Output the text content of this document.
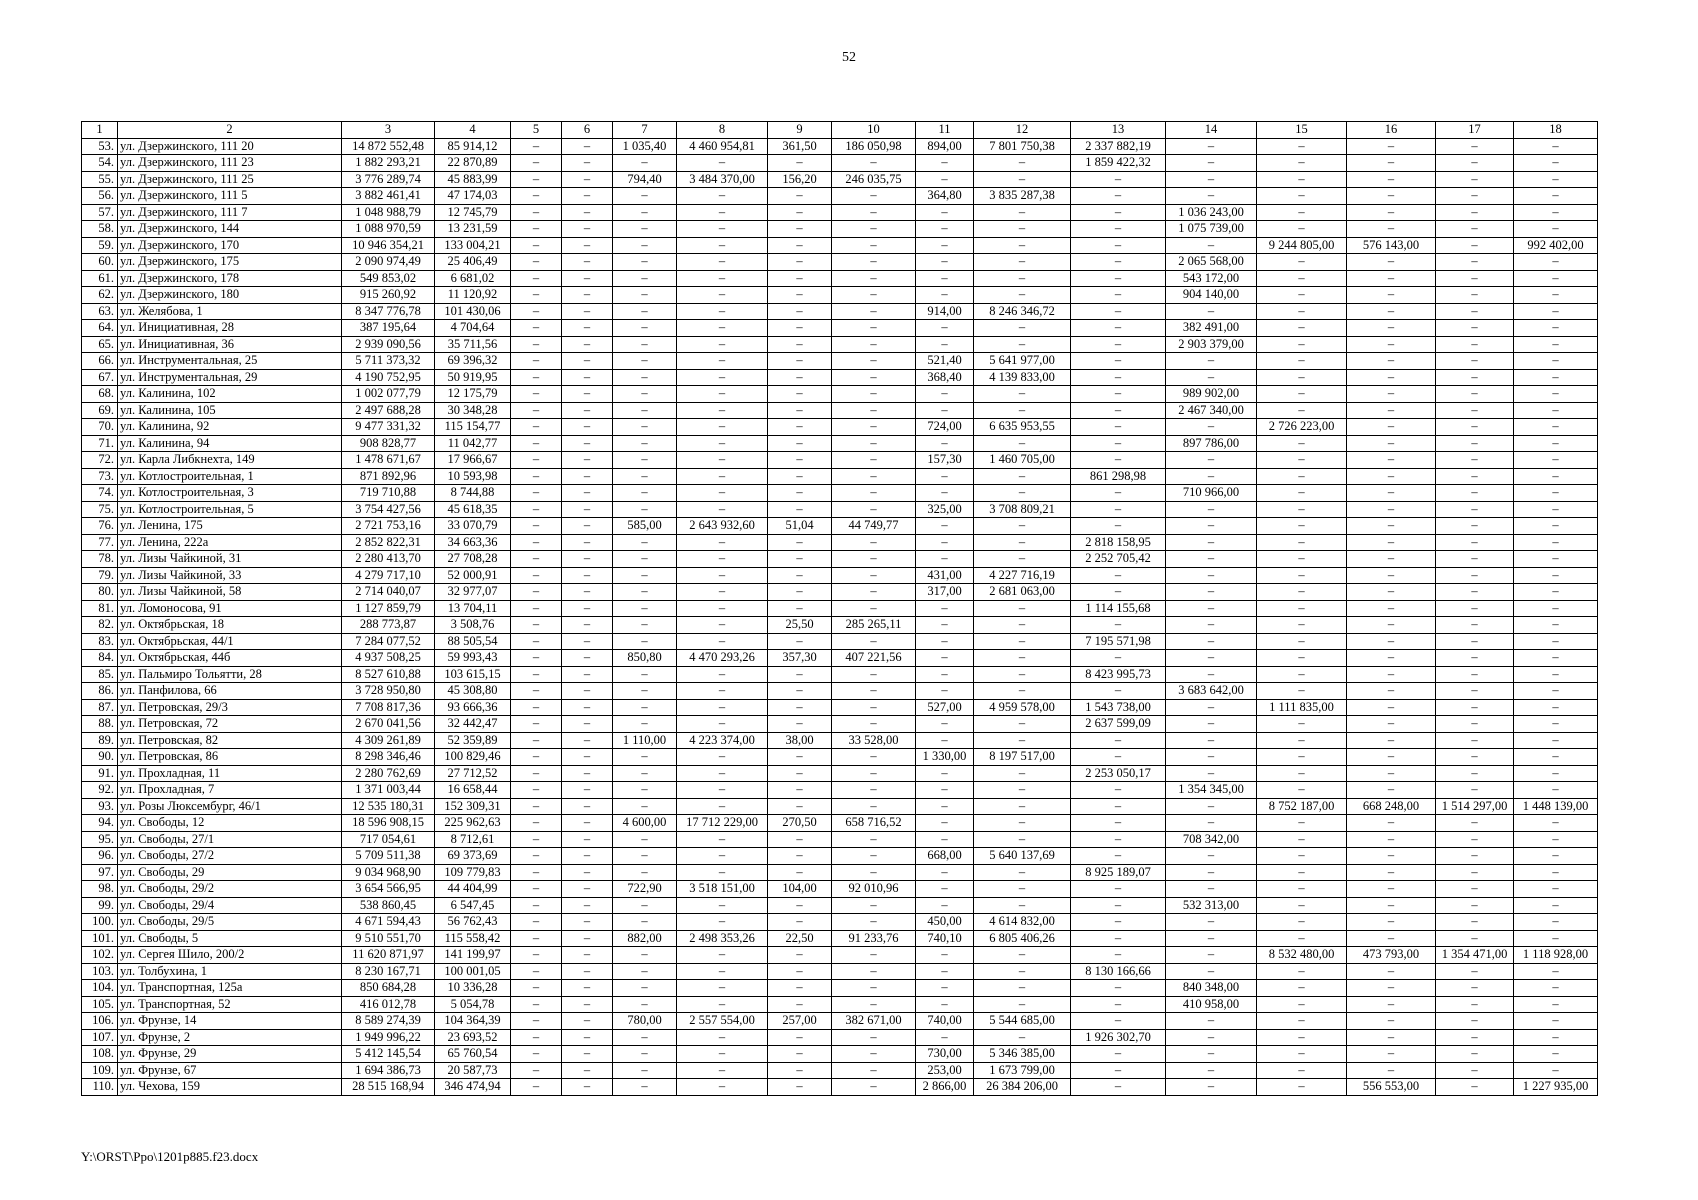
52
1	2	3	4	5	6	7	8	9	10	11	12	13	14	15	16	17	18
53.	ул. Дзержинского, 111 20	14 872 552,48	85 914,12	–	–	1 035,40	4 460 954,81	361,50	186 050,98	894,00	7 801 750,38	2 337 882,19	–	–	–	–	–
54.	ул. Дзержинского, 111 23	1 882 293,21	22 870,89	–	–	–	–	–	–	–	–	1 859 422,32	–	–	–	–	–
55.	ул. Дзержинского, 111 25	3 776 289,74	45 883,99	–	–	794,40	3 484 370,00	156,20	246 035,75	–	–	–	–	–	–	–	–
56.	ул. Дзержинского, 111 5	3 882 461,41	47 174,03	–	–	–	–	–	–	364,80	3 835 287,38	–	–	–	–	–	–
57.	ул. Дзержинского, 111 7	1 048 988,79	12 745,79	–	–	–	–	–	–	–	–	–	1 036 243,00	–	–	–	–
58.	ул. Дзержинского, 144	1 088 970,59	13 231,59	–	–	–	–	–	–	–	–	–	1 075 739,00	–	–	–	–
59.	ул. Дзержинского, 170	10 946 354,21	133 004,21	–	–	–	–	–	–	–	–	–	–	9 244 805,00	576 143,00	–	992 402,00
60.	ул. Дзержинского, 175	2 090 974,49	25 406,49	–	–	–	–	–	–	–	–	–	2 065 568,00	–	–	–	–
61.	ул. Дзержинского, 178	549 853,02	6 681,02	–	–	–	–	–	–	–	–	–	543 172,00	–	–	–	–
62.	ул. Дзержинского, 180	915 260,92	11 120,92	–	–	–	–	–	–	–	–	–	904 140,00	–	–	–	–
63.	ул. Желябова, 1	8 347 776,78	101 430,06	–	–	–	–	–	–	914,00	8 246 346,72	–	–	–	–	–	–
64.	ул. Инициативная, 28	387 195,64	4 704,64	–	–	–	–	–	–	–	–	–	382 491,00	–	–	–	–
65.	ул. Инициативная, 36	2 939 090,56	35 711,56	–	–	–	–	–	–	–	–	–	2 903 379,00	–	–	–	–
66.	ул. Инструментальная, 25	5 711 373,32	69 396,32	–	–	–	–	–	–	521,40	5 641 977,00	–	–	–	–	–	–
67.	ул. Инструментальная, 29	4 190 752,95	50 919,95	–	–	–	–	–	–	368,40	4 139 833,00	–	–	–	–	–	–
68.	ул. Калинина, 102	1 002 077,79	12 175,79	–	–	–	–	–	–	–	–	–	989 902,00	–	–	–	–
69.	ул. Калинина, 105	2 497 688,28	30 348,28	–	–	–	–	–	–	–	–	–	2 467 340,00	–	–	–	–
70.	ул. Калинина, 92	9 477 331,32	115 154,77	–	–	–	–	–	–	724,00	6 635 953,55	–	–	2 726 223,00	–	–	–
71.	ул. Калинина, 94	908 828,77	11 042,77	–	–	–	–	–	–	–	–	–	897 786,00	–	–	–	–
72.	ул. Карла Либкнехта, 149	1 478 671,67	17 966,67	–	–	–	–	–	–	157,30	1 460 705,00	–	–	–	–	–	–
73.	ул. Котлостроительная, 1	871 892,96	10 593,98	–	–	–	–	–	–	–	–	861 298,98	–	–	–	–	–
74.	ул. Котлостроительная, 3	719 710,88	8 744,88	–	–	–	–	–	–	–	–	–	710 966,00	–	–	–	–
75.	ул. Котлостроительная, 5	3 754 427,56	45 618,35	–	–	–	–	–	–	325,00	3 708 809,21	–	–	–	–	–	–
76.	ул. Ленина, 175	2 721 753,16	33 070,79	–	–	585,00	2 643 932,60	51,04	44 749,77	–	–	–	–	–	–	–	–
77.	ул. Ленина, 222а	2 852 822,31	34 663,36	–	–	–	–	–	–	–	–	2 818 158,95	–	–	–	–	–
78.	ул. Лизы Чайкиной, 31	2 280 413,70	27 708,28	–	–	–	–	–	–	–	–	2 252 705,42	–	–	–	–	–
79.	ул. Лизы Чайкиной, 33	4 279 717,10	52 000,91	–	–	–	–	–	–	431,00	4 227 716,19	–	–	–	–	–	–
80.	ул. Лизы Чайкиной, 58	2 714 040,07	32 977,07	–	–	–	–	–	–	317,00	2 681 063,00	–	–	–	–	–	–
81.	ул. Ломоносова, 91	1 127 859,79	13 704,11	–	–	–	–	–	–	–	–	1 114 155,68	–	–	–	–	–
82.	ул. Октябрьская, 18	288 773,87	3 508,76	–	–	–	–	25,50	285 265,11	–	–	–	–	–	–	–	–
83.	ул. Октябрьская, 44/1	7 284 077,52	88 505,54	–	–	–	–	–	–	–	–	7 195 571,98	–	–	–	–	–
84.	ул. Октябрьская, 44б	4 937 508,25	59 993,43	–	–	850,80	4 470 293,26	357,30	407 221,56	–	–	–	–	–	–	–	–
85.	ул. Пальмиро Тольятти, 28	8 527 610,88	103 615,15	–	–	–	–	–	–	–	–	8 423 995,73	–	–	–	–	–
86.	ул. Панфилова, 66	3 728 950,80	45 308,80	–	–	–	–	–	–	–	–	–	3 683 642,00	–	–	–	–
87.	ул. Петровская, 29/3	7 708 817,36	93 666,36	–	–	–	–	–	–	527,00	4 959 578,00	1 543 738,00	–	1 111 835,00	–	–	–
88.	ул. Петровская, 72	2 670 041,56	32 442,47	–	–	–	–	–	–	–	–	2 637 599,09	–	–	–	–	–
89.	ул. Петровская, 82	4 309 261,89	52 359,89	–	–	1 110,00	4 223 374,00	38,00	33 528,00	–	–	–	–	–	–	–	–
90.	ул. Петровская, 86	8 298 346,46	100 829,46	–	–	–	–	–	–	1 330,00	8 197 517,00	–	–	–	–	–	–
91.	ул. Прохладная, 11	2 280 762,69	27 712,52	–	–	–	–	–	–	–	–	2 253 050,17	–	–	–	–	–
92.	ул. Прохладная, 7	1 371 003,44	16 658,44	–	–	–	–	–	–	–	–	–	1 354 345,00	–	–	–	–
93.	ул. Розы Люксембург, 46/1	12 535 180,31	152 309,31	–	–	–	–	–	–	–	–	–	–	8 752 187,00	668 248,00	1 514 297,00	1 448 139,00
94.	ул. Свободы, 12	18 596 908,15	225 962,63	–	–	4 600,00	17 712 229,00	270,50	658 716,52	–	–	–	–	–	–	–	–
95.	ул. Свободы, 27/1	717 054,61	8 712,61	–	–	–	–	–	–	–	–	–	708 342,00	–	–	–	–
96.	ул. Свободы, 27/2	5 709 511,38	69 373,69	–	–	–	–	–	–	668,00	5 640 137,69	–	–	–	–	–	–
97.	ул. Свободы, 29	9 034 968,90	109 779,83	–	–	–	–	–	–	–	–	8 925 189,07	–	–	–	–	–
98.	ул. Свободы, 29/2	3 654 566,95	44 404,99	–	–	722,90	3 518 151,00	104,00	92 010,96	–	–	–	–	–	–	–	–
99.	ул. Свободы, 29/4	538 860,45	6 547,45	–	–	–	–	–	–	–	–	–	532 313,00	–	–	–	–
100.	ул. Свободы, 29/5	4 671 594,43	56 762,43	–	–	–	–	–	–	450,00	4 614 832,00	–	–	–	–	–	–
101.	ул. Свободы, 5	9 510 551,70	115 558,42	–	–	882,00	2 498 353,26	22,50	91 233,76	740,10	6 805 406,26	–	–	–	–	–	–
102.	ул. Сергея Шило, 200/2	11 620 871,97	141 199,97	–	–	–	–	–	–	–	–	–	–	8 532 480,00	473 793,00	1 354 471,00	1 118 928,00
103.	ул. Толбухина, 1	8 230 167,71	100 001,05	–	–	–	–	–	–	–	–	8 130 166,66	–	–	–	–	–
104.	ул. Транспортная, 125а	850 684,28	10 336,28	–	–	–	–	–	–	–	–	–	840 348,00	–	–	–	–
105.	ул. Транспортная, 52	416 012,78	5 054,78	–	–	–	–	–	–	–	–	–	410 958,00	–	–	–	–
106.	ул. Фрунзе, 14	8 589 274,39	104 364,39	–	–	780,00	2 557 554,00	257,00	382 671,00	740,00	5 544 685,00	–	–	–	–	–	–
107.	ул. Фрунзе, 2	1 949 996,22	23 693,52	–	–	–	–	–	–	–	–	1 926 302,70	–	–	–	–	–
108.	ул. Фрунзе, 29	5 412 145,54	65 760,54	–	–	–	–	–	–	730,00	5 346 385,00	–	–	–	–	–	–
109.	ул. Фрунзе, 67	1 694 386,73	20 587,73	–	–	–	–	–	–	253,00	1 673 799,00	–	–	–	–	–	–
110.	ул. Чехова, 159	28 515 168,94	346 474,94	–	–	–	–	–	–	2 866,00	26 384 206,00	–	–	–	556 553,00	–	1 227 935,00
Y:\ORST\Ppo\1201p885.f23.docx
